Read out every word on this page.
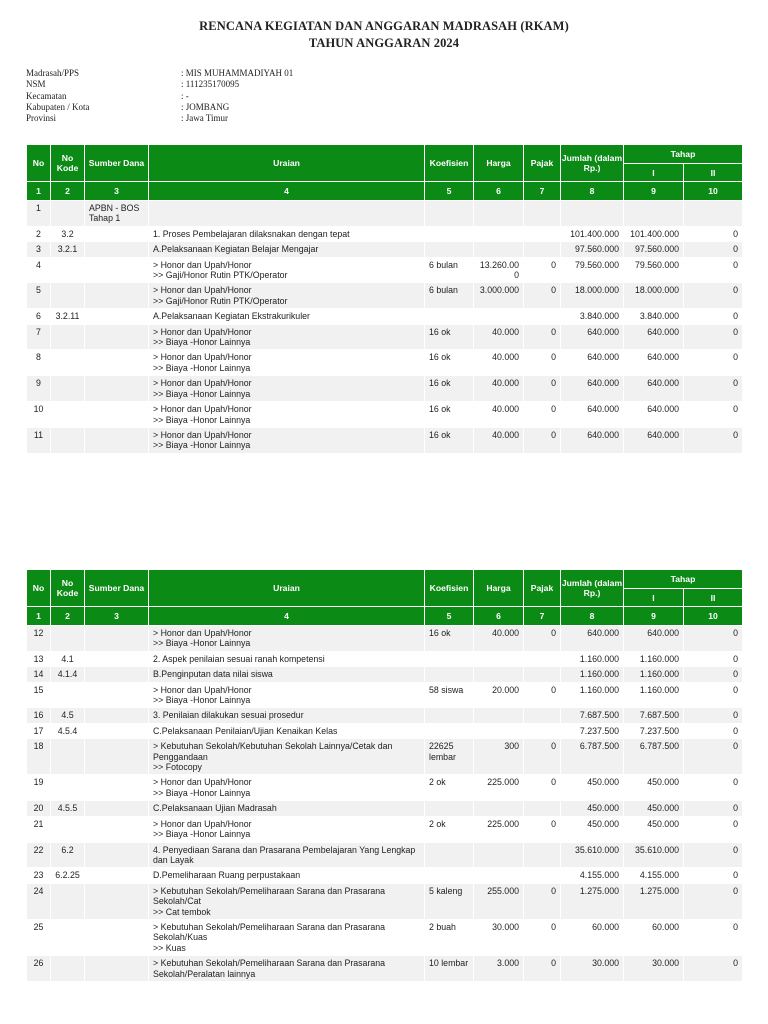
RENCANA KEGIATAN DAN ANGGARAN MADRASAH (RKAM)
TAHUN ANGGARAN 2024
Madrasah/PPS	: MIS MUHAMMADIYAH 01
NSM	: 111235170095
Kecamatan	: -
Kabupaten / Kota	: JOMBANG
Provinsi	: Jawa Timur
No	No Kode	Sumber Dana	Uraian	Koefisien	Harga	Pajak	Jumlah (dalam Rp.)	Tahap	
								I	II
1	2	3	4	5	6	7	8	9	10
1		APBN - BOS Tahap 1							
2	3.2		1. Proses Pembelajaran dilaksnakan dengan tepat				101.400.000	101.400.000	0
3	3.2.1		A.Pelaksanaan Kegiatan Belajar Mengajar				97.560.000	97.560.000	0
4			> Honor dan Upah/Honor
>> Gaji/Honor Rutin PTK/Operator	6 bulan	13.260.000	0	79.560.000	79.560.000	0
5			> Honor dan Upah/Honor
>> Gaji/Honor Rutin PTK/Operator	6 bulan	3.000.000	0	18.000.000	18.000.000	0
6	3.2.11		A.Pelaksanaan Kegiatan Ekstrakurikuler				3.840.000	3.840.000	0
7			> Honor dan Upah/Honor
>> Biaya -Honor Lainnya	16 ok	40.000	0	640.000	640.000	0
8			> Honor dan Upah/Honor
>> Biaya -Honor Lainnya	16 ok	40.000	0	640.000	640.000	0
9			> Honor dan Upah/Honor
>> Biaya -Honor Lainnya	16 ok	40.000	0	640.000	640.000	0
10			> Honor dan Upah/Honor
>> Biaya -Honor Lainnya	16 ok	40.000	0	640.000	640.000	0
11			> Honor dan Upah/Honor
>> Biaya -Honor Lainnya	16 ok	40.000	0	640.000	640.000	0
No	No Kode	Sumber Dana	Uraian	Koefisien	Harga	Pajak	Jumlah (dalam Rp.)	Tahap	
								I	II
1	2	3	4	5	6	7	8	9	10
12			> Honor dan Upah/Honor
>> Biaya -Honor Lainnya	16 ok	40.000	0	640.000	640.000	0
13	4.1		2. Aspek penilaian sesuai ranah kompetensi				1.160.000	1.160.000	0
14	4.1.4		B.Penginputan data nilai siswa				1.160.000	1.160.000	0
15			> Honor dan Upah/Honor
>> Biaya -Honor Lainnya	58 siswa	20.000	0	1.160.000	1.160.000	0
16	4.5		3. Penilaian dilakukan sesuai prosedur				7.687.500	7.687.500	0
17	4.5.4		C.Pelaksanaan Penilaian/Ujian Kenaikan Kelas				7.237.500	7.237.500	0
18			> Kebutuhan Sekolah/Kebutuhan Sekolah Lainnya/Cetak dan Penggandaan
>> Fotocopy	22625 lembar	300	0	6.787.500	6.787.500	0
19			> Honor dan Upah/Honor
>> Biaya -Honor Lainnya	2 ok	225.000	0	450.000	450.000	0
20	4.5.5		C.Pelaksanaan Ujian Madrasah				450.000	450.000	0
21			> Honor dan Upah/Honor
>> Biaya -Honor Lainnya	2 ok	225.000	0	450.000	450.000	0
22	6.2		4. Penyediaan Sarana dan Prasarana Pembelajaran Yang Lengkap dan Layak				35.610.000	35.610.000	0
23	6.2.25		D.Pemeliharaan Ruang perpustakaan				4.155.000	4.155.000	0
24			> Kebutuhan Sekolah/Pemeliharaan Sarana dan Prasarana Sekolah/Cat
>> Cat tembok	5 kaleng	255.000	0	1.275.000	1.275.000	0
25			> Kebutuhan Sekolah/Pemeliharaan Sarana dan Prasarana Sekolah/Kuas
>> Kuas	2 buah	30.000	0	60.000	60.000	0
26			> Kebutuhan Sekolah/Pemeliharaan Sarana dan Prasarana Sekolah/Peralatan lainnya	10 lembar	3.000	0	30.000	30.000	0
